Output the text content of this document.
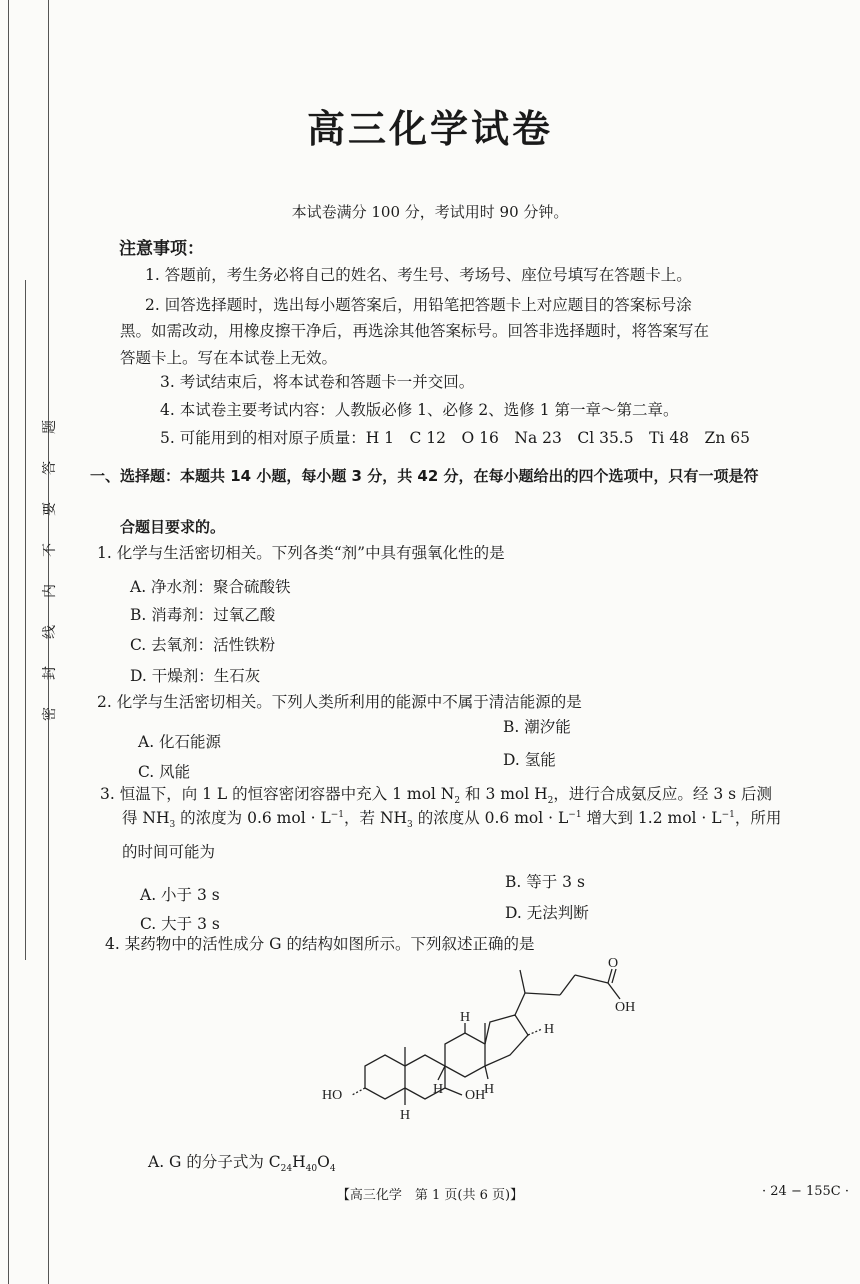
题
答
要
不
内
线
封
密
高三化学试卷
本试卷满分 100 分，考试用时 90 分钟。
注意事项：
1. 答题前，考生务必将自己的姓名、考生号、考场号、座位号填写在答题卡上。
2. 回答选择题时，选出每小题答案后，用铅笔把答题卡上对应题目的答案标号涂
黑。如需改动，用橡皮擦干净后，再选涂其他答案标号。回答非选择题时，将答案写在
答题卡上。写在本试卷上无效。
3. 考试结束后，将本试卷和答题卡一并交回。
4. 本试卷主要考试内容：人教版必修 1、必修 2、选修 1 第一章～第二章。
5. 可能用到的相对原子质量：H 1　C 12　O 16　Na 23　Cl 35.5　Ti 48　Zn 65
一、选择题：本题共 14 小题，每小题 3 分，共 42 分，在每小题给出的四个选项中，只有一项是符
合题目要求的。
1. 化学与生活密切相关。下列各类“剂”中具有强氧化性的是
A. 净水剂：聚合硫酸铁
B. 消毒剂：过氧乙酸
C. 去氧剂：活性铁粉
D. 干燥剂：生石灰
2. 化学与生活密切相关。下列人类所利用的能源中不属于清洁能源的是
A. 化石能源
B. 潮汐能
C. 风能
D. 氢能
3. 恒温下，向 1 L 的恒容密闭容器中充入 1 mol $N_2$ 和 3 mol $H_2$，进行合成氨反应。经 3 s 后测
得 $NH_3$ 的浓度为 0.6 mol · $L^{-1}$，若 $NH_3$ 的浓度从 0.6 mol · $L^{-1}$ 增大到 1.2 mol · $L^{-1}$，所用
的时间可能为
A. 小于 3 s
B. 等于 3 s
C. 大于 3 s
D. 无法判断
4. 某药物中的活性成分 G 的结构如图所示。下列叙述正确的是
O
OH
H
H
H	H
HO	OH
H
A. G 的分子式为 $C_{24}H_{40}O_4$
【高三化学　第 1 页(共 6 页)】	· 24 − 155C ·
